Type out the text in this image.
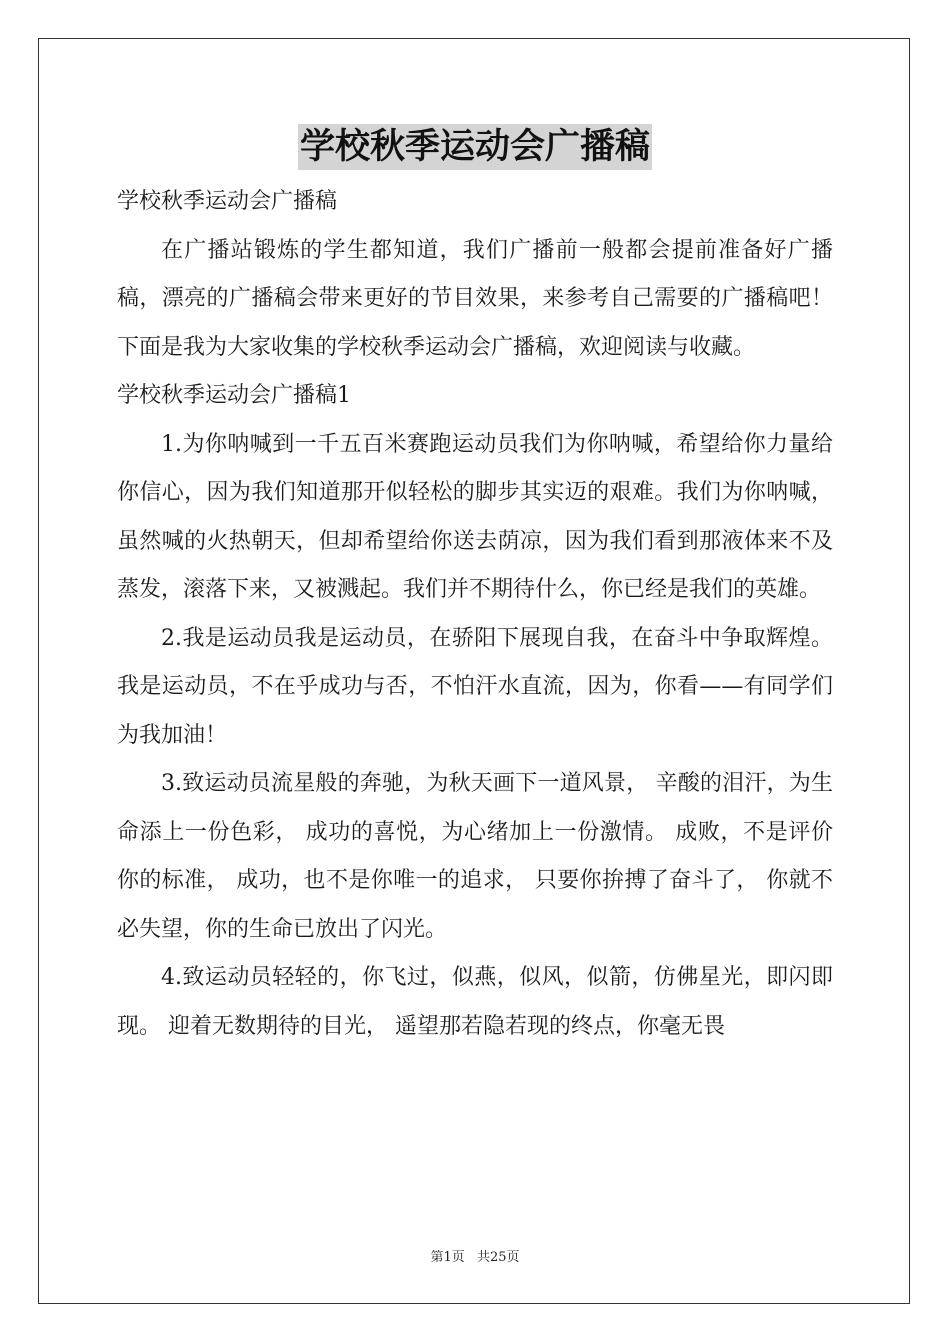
学校秋季运动会广播稿

学校秋季运动会广播稿

在广播站锻炼的学生都知道，我们广播前一般都会提前准备好广播稿，漂亮的广播稿会带来更好的节目效果，来参考自己需要的广播稿吧！下面是我为大家收集的学校秋季运动会广播稿，欢迎阅读与收藏。

学校秋季运动会广播稿1

1.为你呐喊到一千五百米赛跑运动员我们为你呐喊，希望给你力量给你信心，因为我们知道那开似轻松的脚步其实迈的艰难。我们为你呐喊，虽然喊的火热朝天，但却希望给你送去荫凉，因为我们看到那液体来不及蒸发，滚落下来，又被溅起。我们并不期待什么，你已经是我们的英雄。

2.我是运动员我是运动员，在骄阳下展现自我，在奋斗中争取辉煌。我是运动员，不在乎成功与否，不怕汗水直流，因为，你看——有同学们为我加油！

3.致运动员流星般的奔驰，为秋天画下一道风景， 辛酸的泪汗，为生命添上一份色彩， 成功的喜悦，为心绪加上一份激情。 成败，不是评价你的标准， 成功，也不是你唯一的追求， 只要你拚搏了奋斗了， 你就不必失望，你的生命已放出了闪光。

4.致运动员轻轻的，你飞过，似燕，似风，似箭，仿佛星光，即闪即现。 迎着无数期待的目光， 遥望那若隐若现的终点，你毫无畏

第1页 共25页
